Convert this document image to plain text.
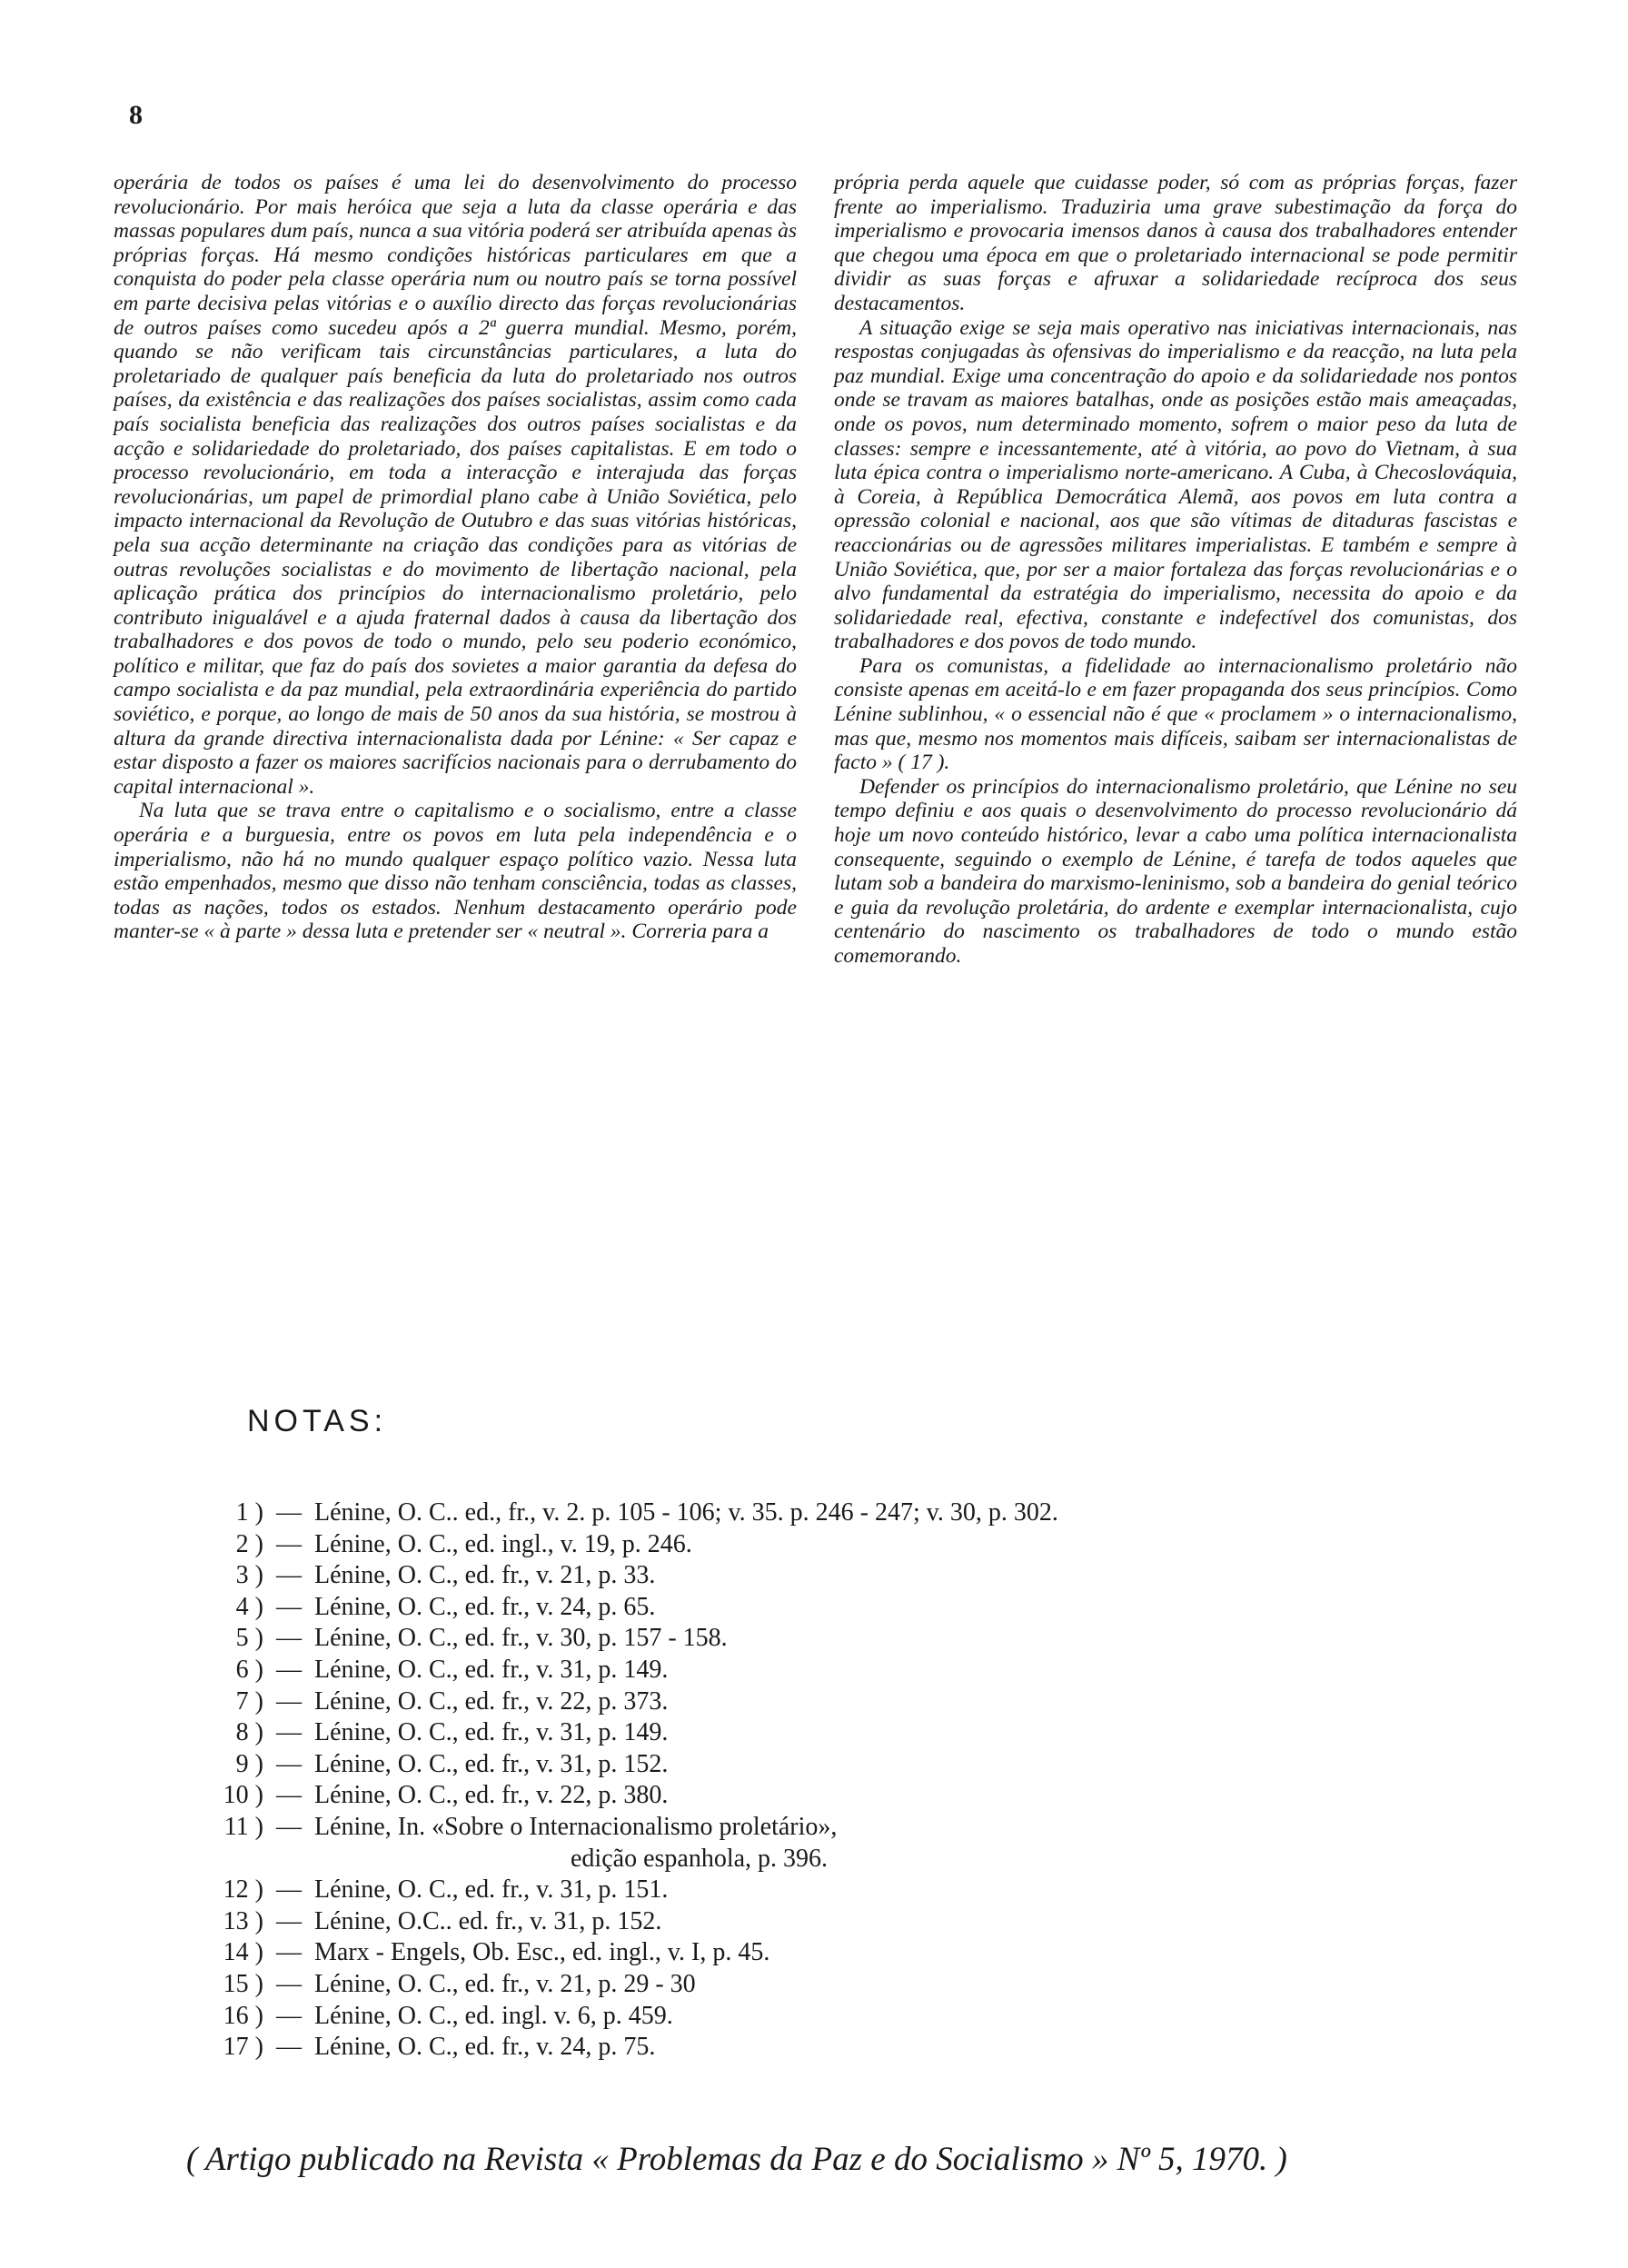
8

operária de todos os países é uma lei do desenvolvimento do processo revolucionário. Por mais heróica que seja a luta da classe operária e das massas populares dum país, nunca a sua vitória poderá ser atribuída apenas às próprias forças. Há mesmo condições históricas particulares em que a conquista do poder pela classe operária num ou noutro país se torna possível em parte decisiva pelas vitórias e o auxílio directo das forças revolucionárias de outros países como sucedeu após a 2ª guerra mundial. Mesmo, porém, quando se não verificam tais circunstâncias particulares, a luta do proletariado de qualquer país beneficia da luta do proletariado nos outros países, da existência e das realizações dos países socialistas, assim como cada país socialista beneficia das realizações dos outros países socialistas e da acção e solidariedade do proletariado, dos países capitalistas. E em todo o processo revolucionário, em toda a interacção e interajuda das forças revolucionárias, um papel de primordial plano cabe à União Soviética, pelo impacto internacional da Revolução de Outubro e das suas vitórias históricas, pela sua acção determinante na criação das condições para as vitórias de outras revoluções socialistas e do movimento de libertação nacional, pela aplicação prática dos princípios do internacionalismo proletário, pelo contributo inigualável e a ajuda fraternal dados à causa da libertação dos trabalhadores e dos povos de todo o mundo, pelo seu poderio económico, político e militar, que faz do país dos sovietes a maior garantia da defesa do campo socialista e da paz mundial, pela extraordinária experiência do partido soviético, e porque, ao longo de mais de 50 anos da sua história, se mostrou à altura da grande directiva internacionalista dada por Lénine: « Ser capaz e estar disposto a fazer os maiores sacrifícios nacionais para o derrubamento do capital internacional ».

Na luta que se trava entre o capitalismo e o socialismo, entre a classe operária e a burguesia, entre os povos em luta pela independência e o imperialismo, não há no mundo qualquer espaço político vazio. Nessa luta estão empenhados, mesmo que disso não tenham consciência, todas as classes, todas as nações, todos os estados. Nenhum destacamento operário pode manter-se « à parte » dessa luta e pretender ser « neutral ». Correria para a

própria perda aquele que cuidasse poder, só com as próprias forças, fazer frente ao imperialismo. Traduziria uma grave subestimação da força do imperialismo e provocaria imensos danos à causa dos trabalhadores entender que chegou uma época em que o proletariado internacional se pode permitir dividir as suas forças e afruxar a solidariedade recíproca dos seus destacamentos.

A situação exige se seja mais operativo nas iniciativas internacionais, nas respostas conjugadas às ofensivas do imperialismo e da reacção, na luta pela paz mundial. Exige uma concentração do apoio e da solidariedade nos pontos onde se travam as maiores batalhas, onde as posições estão mais ameaçadas, onde os povos, num determinado momento, sofrem o maior peso da luta de classes: sempre e incessantemente, até à vitória, ao povo do Vietnam, à sua luta épica contra o imperialismo norte-americano. A Cuba, à Checoslováquia, à Coreia, à República Democrática Alemã, aos povos em luta contra a opressão colonial e nacional, aos que são vítimas de ditaduras fascistas e reaccionárias ou de agressões militares imperialistas. E também e sempre à União Soviética, que, por ser a maior fortaleza das forças revolucionárias e o alvo fundamental da estratégia do imperialismo, necessita do apoio e da solidariedade real, efectiva, constante e indefectível dos comunistas, dos trabalhadores e dos povos de todo mundo.

Para os comunistas, a fidelidade ao internacionalismo proletário não consiste apenas em aceitá-lo e em fazer propaganda dos seus princípios. Como Lénine sublinhou, « o essencial não é que « proclamem » o internacionalismo, mas que, mesmo nos momentos mais difíceis, saibam ser internacionalistas de facto » ( 17 ).

Defender os princípios do internacionalismo proletário, que Lénine no seu tempo definiu e aos quais o desenvolvimento do processo revolucionário dá hoje um novo conteúdo histórico, levar a cabo uma política internacionalista consequente, seguindo o exemplo de Lénine, é tarefa de todos aqueles que lutam sob a bandeira do marxismo-leninismo, sob a bandeira do genial teórico e guia da revolução proletária, do ardente e exemplar internacionalista, cujo centenário do nascimento os trabalhadores de todo o mundo estão comemorando.

NOTAS:
1 ) — Lénine, O. C.. ed., fr., v. 2. p. 105 - 106; v. 35. p. 246 - 247; v. 30, p. 302.
2 ) — Lénine, O. C., ed. ingl., v. 19, p. 246.
3 ) — Lénine, O. C., ed. fr., v. 21, p. 33.
4 ) — Lénine, O. C., ed. fr., v. 24, p. 65.
5 ) — Lénine, O. C., ed. fr., v. 30, p. 157 - 158.
6 ) — Lénine, O. C., ed. fr., v. 31, p. 149.
7 ) — Lénine, O. C., ed. fr., v. 22, p. 373.
8 ) — Lénine, O. C., ed. fr., v. 31, p. 149.
9 ) — Lénine, O. C., ed. fr., v. 31, p. 152.
10 ) — Lénine, O. C., ed. fr., v. 22, p. 380.
11 ) — Lénine, In. «Sobre o Internacionalismo proletário»,
edição espanhola, p. 396.
12 ) — Lénine, O. C., ed. fr., v. 31, p. 151.
13 ) — Lénine, O.C.. ed. fr., v. 31, p. 152.
14 ) — Marx - Engels, Ob. Esc., ed. ingl., v. I, p. 45.
15 ) — Lénine, O. C., ed. fr., v. 21, p. 29 - 30
16 ) — Lénine, O. C., ed. ingl. v. 6, p. 459.
17 ) — Lénine, O. C., ed. fr., v. 24, p. 75.
( Artigo publicado na Revista « Problemas da Paz e do Socialismo » Nº 5, 1970. )
